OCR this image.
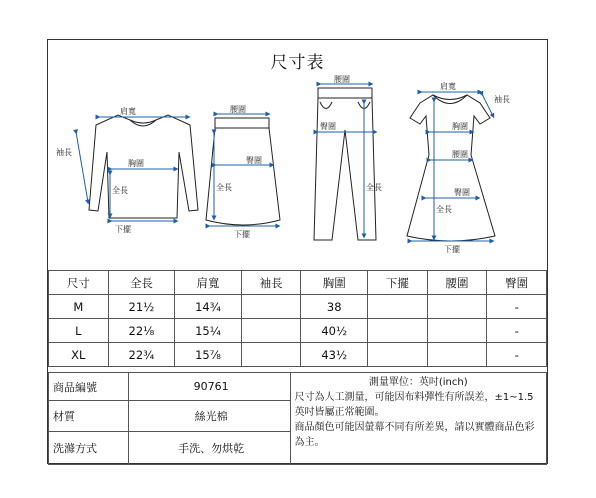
尺寸表
肩寬
袖長
胸圍
全長
下擺
腰圍
臀圍
全長
下擺
腰圍
臀圍
全長
肩寬
袖長
胸圍
腰圍
臀圍
全長
下擺
尺寸	全長	肩寬	袖長	胸圍	下擺	腰圍	臀圍
M	21½	14¾		38			-
L	22⅛	15¼		40½			-
XL	22¾	15⅞		43½			-
商品編號	90761	測量單位：英吋(inch)
尺寸為人工測量，可能因布料彈性有所誤差，±1~1.5 英吋皆屬正常範圍。
商品顏色可能因螢幕不同有所差異，請以實體商品色彩為主。

材質	絲光棉	
洗滌方式	手洗、勿烘乾	
